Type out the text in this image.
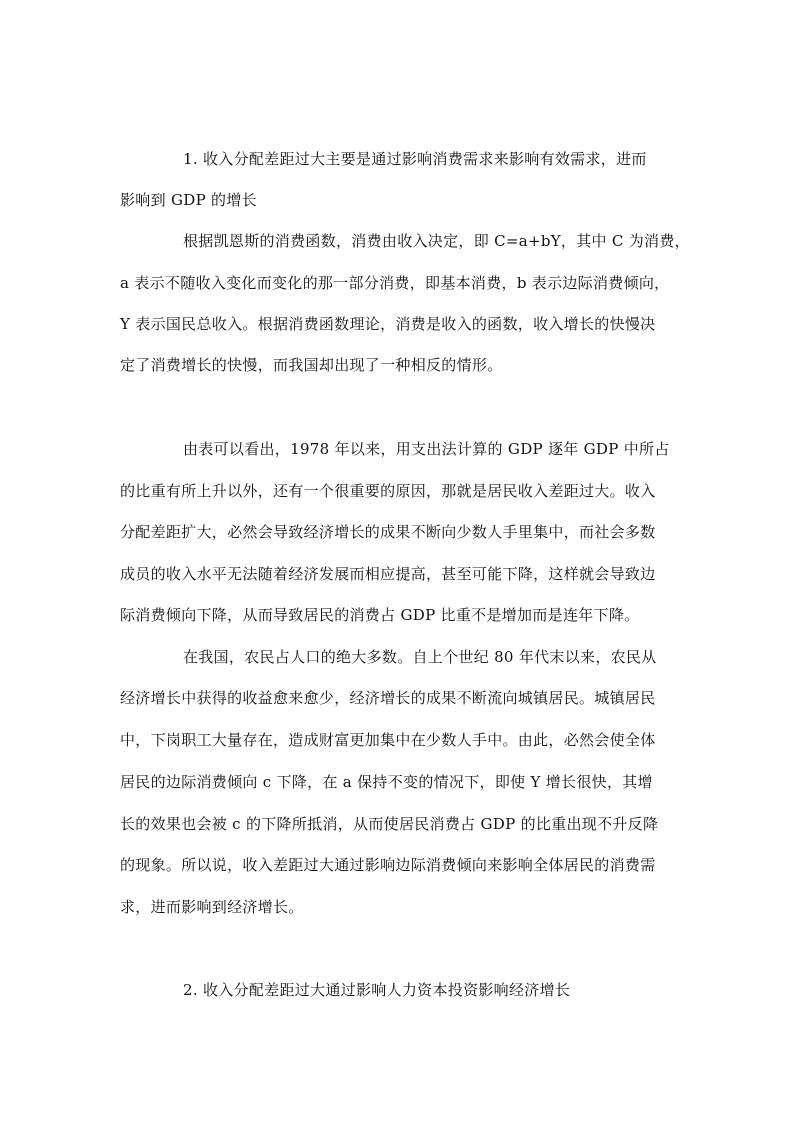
1. 收入分配差距过大主要是通过影响消费需求来影响有效需求，进而
影响到 GDP 的增长
根据凯恩斯的消费函数，消费由收入决定，即 C=a+bY，其中 C 为消费，
a 表示不随收入变化而变化的那一部分消费，即基本消费，b 表示边际消费倾向，
Y 表示国民总收入。根据消费函数理论，消费是收入的函数，收入增长的快慢决
定了消费增长的快慢，而我国却出现了一种相反的情形。
由表可以看出，1978 年以来，用支出法计算的 GDP 逐年 GDP 中所占
的比重有所上升以外，还有一个很重要的原因，那就是居民收入差距过大。收入
分配差距扩大，必然会导致经济增长的成果不断向少数人手里集中，而社会多数
成员的收入水平无法随着经济发展而相应提高，甚至可能下降，这样就会导致边
际消费倾向下降，从而导致居民的消费占 GDP 比重不是增加而是连年下降。
在我国，农民占人口的绝大多数。自上个世纪 80 年代末以来，农民从
经济增长中获得的收益愈来愈少，经济增长的成果不断流向城镇居民。城镇居民
中，下岗职工大量存在，造成财富更加集中在少数人手中。由此，必然会使全体
居民的边际消费倾向 c 下降，在 a 保持不变的情况下，即使 Y 增长很快，其增
长的效果也会被 c 的下降所抵消，从而使居民消费占 GDP 的比重出现不升反降
的现象。所以说，收入差距过大通过影响边际消费倾向来影响全体居民的消费需
求，进而影响到经济增长。
2. 收入分配差距过大通过影响人力资本投资影响经济增长
